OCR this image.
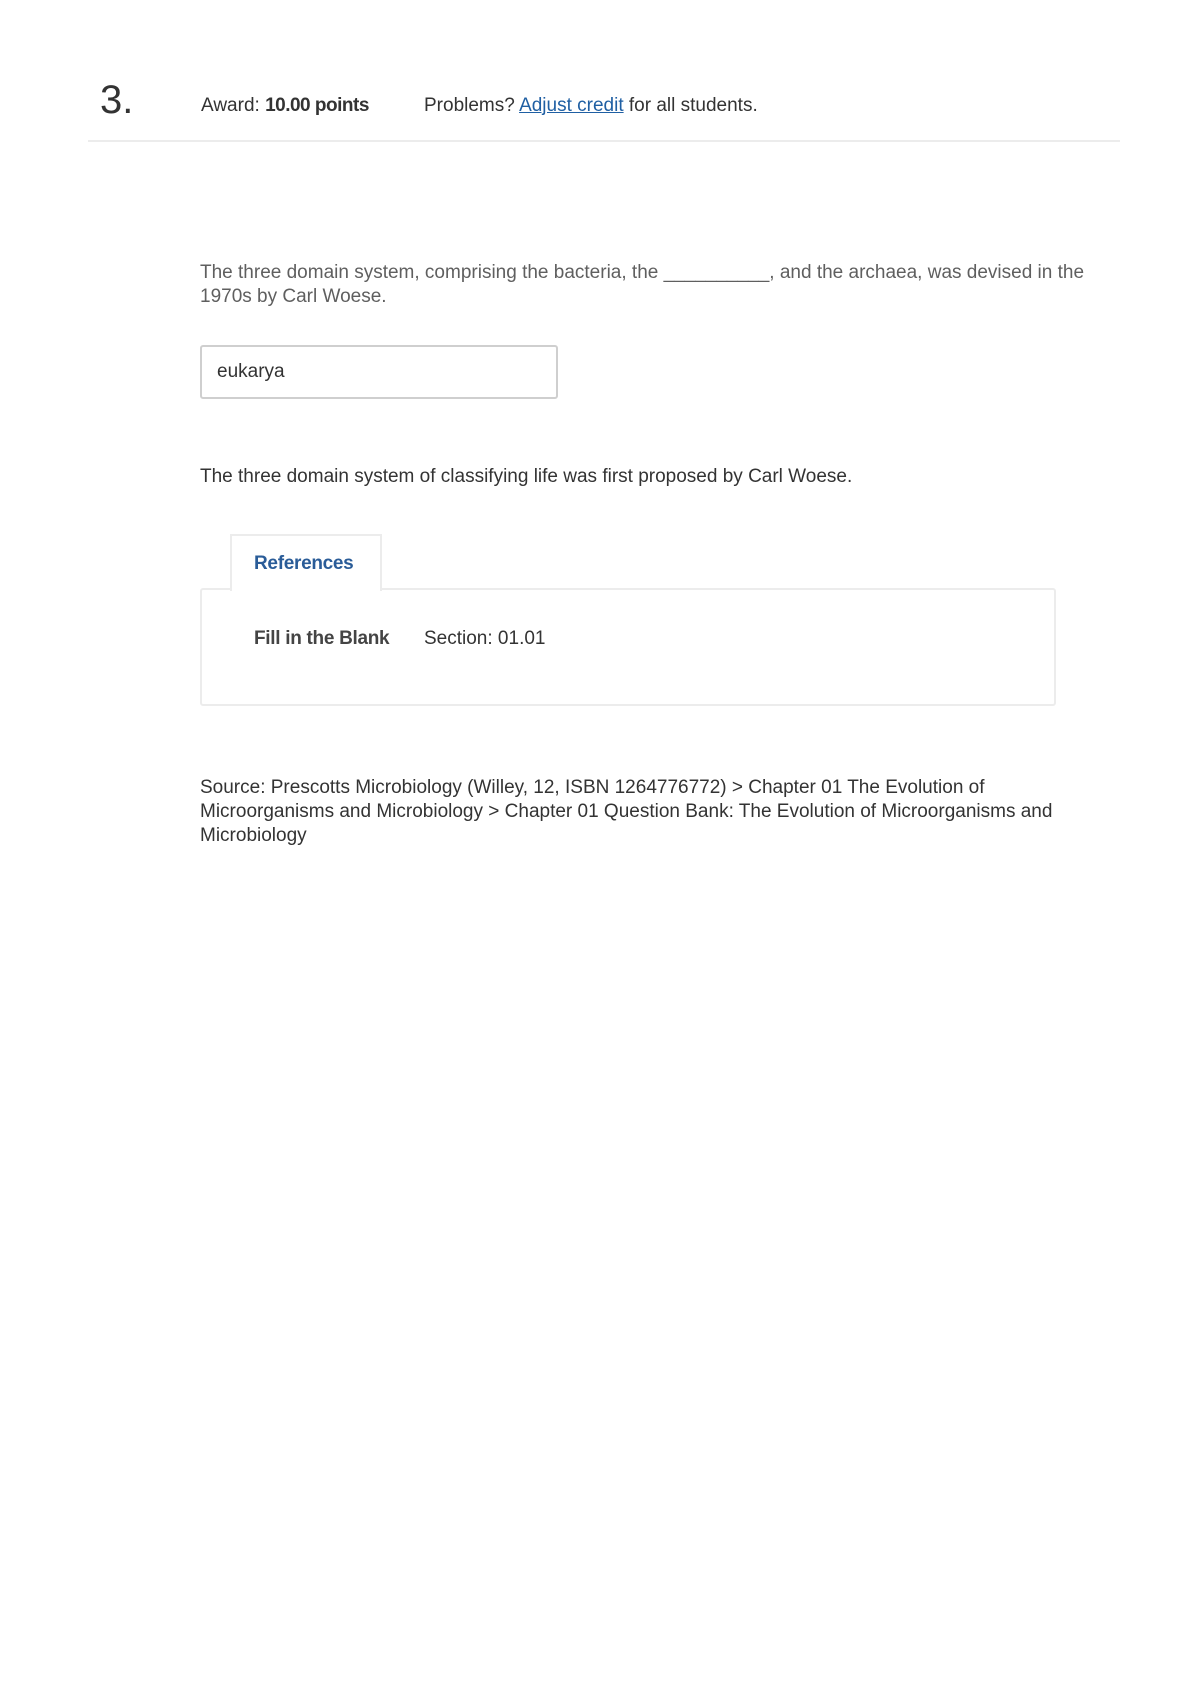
3.	Award: 10.00 points	Problems? Adjust credit for all students.
The three domain system, comprising the bacteria, the __________, and the archaea, was devised in the 1970s by Carl Woese.
eukarya
The three domain system of classifying life was first proposed by Carl Woese.
References
Fill in the Blank Section: 01.01
Source: Prescotts Microbiology (Willey, 12, ISBN 1264776772) > Chapter 01 The Evolution of Microorganisms and Microbiology > Chapter 01 Question Bank: The Evolution of Microorganisms and Microbiology
